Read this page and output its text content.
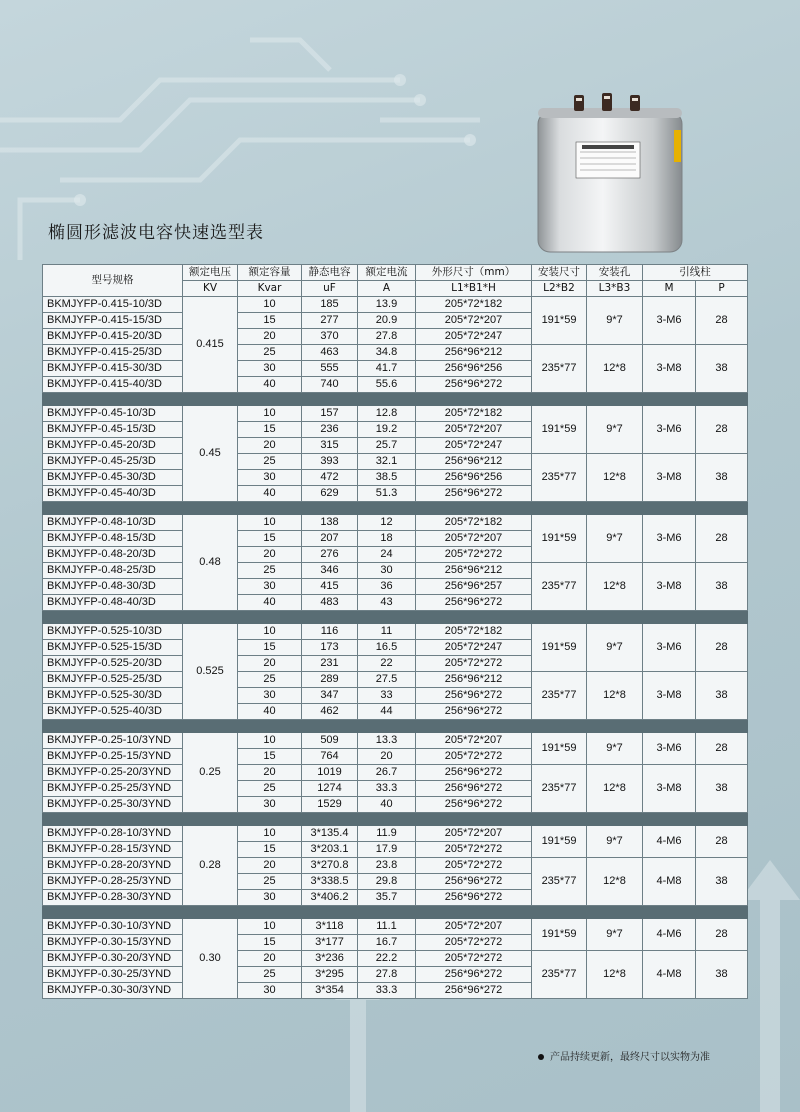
椭圆形滤波电容快速选型表
型号规格	额定电压	额定容量	静态电容	额定电流	外形尺寸（mm）	安装尺寸	安装孔	引线柱	
	KV	Kvar	uF	A	L1*B1*H	L2*B2	L3*B3	M	P
BKMJYFP-0.415-10/3D	0.415	10	185	13.9	205*72*182	191*59	9*7	3-M6	28
BKMJYFP-0.415-15/3D		15	277	20.9	205*72*207				
BKMJYFP-0.415-20/3D		20	370	27.8	205*72*247				
BKMJYFP-0.415-25/3D		25	463	34.8	256*96*212	235*77	12*8	3-M8	38
BKMJYFP-0.415-30/3D		30	555	41.7	256*96*256				
BKMJYFP-0.415-40/3D		40	740	55.6	256*96*272				

BKMJYFP-0.45-10/3D	0.45	10	157	12.8	205*72*182	191*59	9*7	3-M6	28
BKMJYFP-0.45-15/3D		15	236	19.2	205*72*207				
BKMJYFP-0.45-20/3D		20	315	25.7	205*72*247				
BKMJYFP-0.45-25/3D		25	393	32.1	256*96*212	235*77	12*8	3-M8	38
BKMJYFP-0.45-30/3D		30	472	38.5	256*96*256				
BKMJYFP-0.45-40/3D		40	629	51.3	256*96*272				

BKMJYFP-0.48-10/3D	0.48	10	138	12	205*72*182	191*59	9*7	3-M6	28
BKMJYFP-0.48-15/3D		15	207	18	205*72*207				
BKMJYFP-0.48-20/3D		20	276	24	205*72*272				
BKMJYFP-0.48-25/3D		25	346	30	256*96*212	235*77	12*8	3-M8	38
BKMJYFP-0.48-30/3D		30	415	36	256*96*257				
BKMJYFP-0.48-40/3D		40	483	43	256*96*272				

BKMJYFP-0.525-10/3D	0.525	10	116	11	205*72*182	191*59	9*7	3-M6	28
BKMJYFP-0.525-15/3D		15	173	16.5	205*72*247				
BKMJYFP-0.525-20/3D		20	231	22	205*72*272				
BKMJYFP-0.525-25/3D		25	289	27.5	256*96*212	235*77	12*8	3-M8	38
BKMJYFP-0.525-30/3D		30	347	33	256*96*272				
BKMJYFP-0.525-40/3D		40	462	44	256*96*272				

BKMJYFP-0.25-10/3YND	0.25	10	509	13.3	205*72*207	191*59	9*7	3-M6	28
BKMJYFP-0.25-15/3YND		15	764	20	205*72*272				
BKMJYFP-0.25-20/3YND		20	1019	26.7	256*96*272	235*77	12*8	3-M8	38
BKMJYFP-0.25-25/3YND		25	1274	33.3	256*96*272				
BKMJYFP-0.25-30/3YND		30	1529	40	256*96*272				

BKMJYFP-0.28-10/3YND	0.28	10	3*135.4	11.9	205*72*207	191*59	9*7	4-M6	28
BKMJYFP-0.28-15/3YND		15	3*203.1	17.9	205*72*272				
BKMJYFP-0.28-20/3YND		20	3*270.8	23.8	205*72*272	235*77	12*8	4-M8	38
BKMJYFP-0.28-25/3YND		25	3*338.5	29.8	256*96*272				
BKMJYFP-0.28-30/3YND		30	3*406.2	35.7	256*96*272				

BKMJYFP-0.30-10/3YND	0.30	10	3*118	11.1	205*72*207	191*59	9*7	4-M6	28
BKMJYFP-0.30-15/3YND		15	3*177	16.7	205*72*272				
BKMJYFP-0.30-20/3YND		20	3*236	22.2	205*72*272	235*77	12*8	4-M8	38
BKMJYFP-0.30-25/3YND		25	3*295	27.8	256*96*272				
BKMJYFP-0.30-30/3YND		30	3*354	33.3	256*96*272				
产品持续更新，最终尺寸以实物为准
